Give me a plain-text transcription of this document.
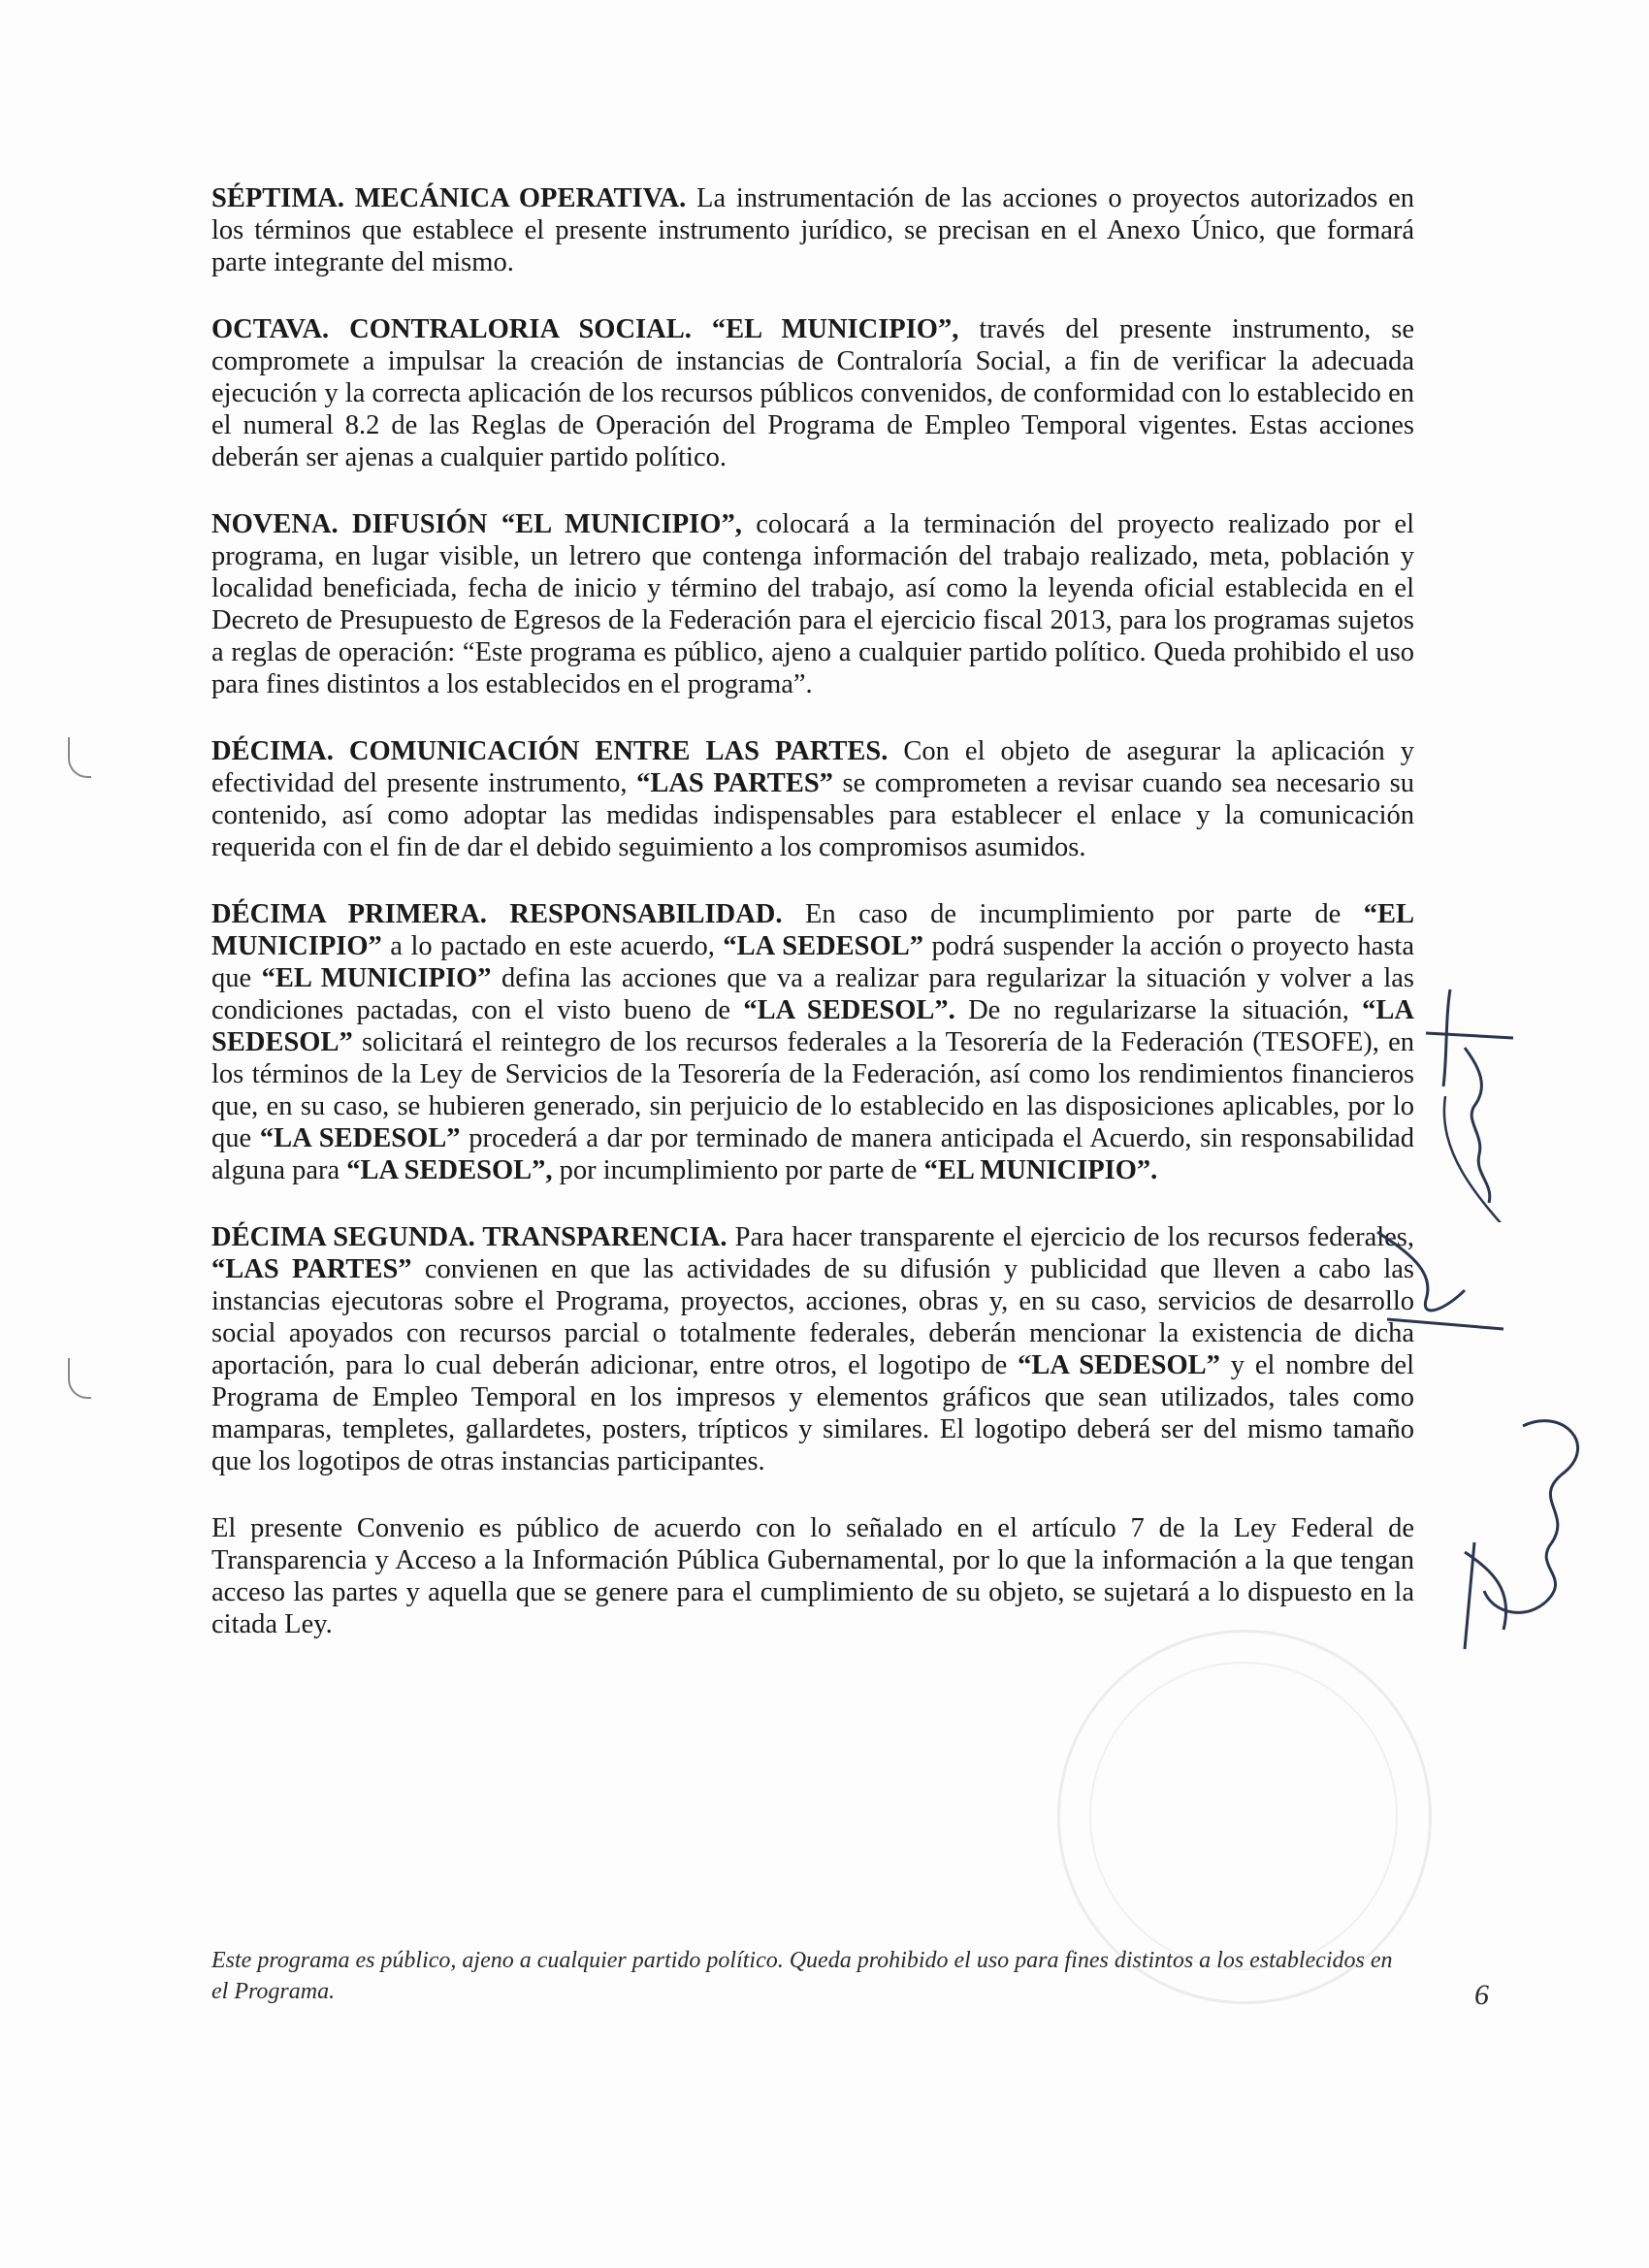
SÉPTIMA. MECÁNICA OPERATIVA. La instrumentación de las acciones o proyectos autorizados en los términos que establece el presente instrumento jurídico, se precisan en el Anexo Único, que formará parte integrante del mismo.

OCTAVA. CONTRALORIA SOCIAL. “EL MUNICIPIO”, través del presente instrumento, se compromete a impulsar la creación de instancias de Contraloría Social, a fin de verificar la adecuada ejecución y la correcta aplicación de los recursos públicos convenidos, de conformidad con lo establecido en el numeral 8.2 de las Reglas de Operación del Programa de Empleo Temporal vigentes. Estas acciones deberán ser ajenas a cualquier partido político.

NOVENA. DIFUSIÓN “EL MUNICIPIO”, colocará a la terminación del proyecto realizado por el programa, en lugar visible, un letrero que contenga información del trabajo realizado, meta, población y localidad beneficiada, fecha de inicio y término del trabajo, así como la leyenda oficial establecida en el Decreto de Presupuesto de Egresos de la Federación para el ejercicio fiscal 2013, para los programas sujetos a reglas de operación: “Este programa es público, ajeno a cualquier partido político. Queda prohibido el uso para fines distintos a los establecidos en el programa”.

DÉCIMA. COMUNICACIÓN ENTRE LAS PARTES. Con el objeto de asegurar la aplicación y efectividad del presente instrumento, “LAS PARTES” se comprometen a revisar cuando sea necesario su contenido, así como adoptar las medidas indispensables para establecer el enlace y la comunicación requerida con el fin de dar el debido seguimiento a los compromisos asumidos.

DÉCIMA PRIMERA. RESPONSABILIDAD. En caso de incumplimiento por parte de “EL MUNICIPIO” a lo pactado en este acuerdo, “LA SEDESOL” podrá suspender la acción o proyecto hasta que “EL MUNICIPIO” defina las acciones que va a realizar para regularizar la situación y volver a las condiciones pactadas, con el visto bueno de “LA SEDESOL”. De no regularizarse la situación, “LA SEDESOL” solicitará el reintegro de los recursos federales a la Tesorería de la Federación (TESOFE), en los términos de la Ley de Servicios de la Tesorería de la Federación, así como los rendimientos financieros que, en su caso, se hubieren generado, sin perjuicio de lo establecido en las disposiciones aplicables, por lo que “LA SEDESOL” procederá a dar por terminado de manera anticipada el Acuerdo, sin responsabilidad alguna para “LA SEDESOL”, por incumplimiento por parte de “EL MUNICIPIO”.

DÉCIMA SEGUNDA. TRANSPARENCIA. Para hacer transparente el ejercicio de los recursos federales, “LAS PARTES” convienen en que las actividades de su difusión y publicidad que lleven a cabo las instancias ejecutoras sobre el Programa, proyectos, acciones, obras y, en su caso, servicios de desarrollo social apoyados con recursos parcial o totalmente federales, deberán mencionar la existencia de dicha aportación, para lo cual deberán adicionar, entre otros, el logotipo de “LA SEDESOL” y el nombre del Programa de Empleo Temporal en los impresos y elementos gráficos que sean utilizados, tales como mamparas, templetes, gallardetes, posters, trípticos y similares. El logotipo deberá ser del mismo tamaño que los logotipos de otras instancias participantes.

El presente Convenio es público de acuerdo con lo señalado en el artículo 7 de la Ley Federal de Transparencia y Acceso a la Información Pública Gubernamental, por lo que la información a la que tengan acceso las partes y aquella que se genere para el cumplimiento de su objeto, se sujetará a lo dispuesto en la citada Ley.

Este programa es público, ajeno a cualquier partido político. Queda prohibido el uso para fines distintos a los establecidos en el Programa.	6
